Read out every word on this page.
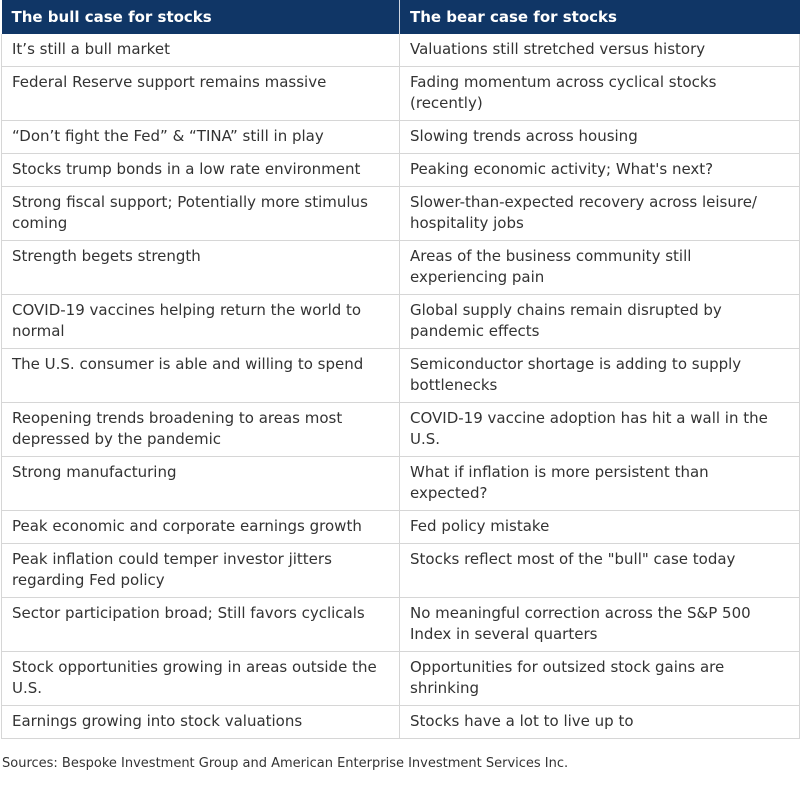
The bull case for stocks	The bear case for stocks
It’s still a bull market	Valuations still stretched versus history
Federal Reserve support remains massive	Fading momentum across cyclical stocks (recently)
“Don’t fight the Fed” & “TINA” still in play	Slowing trends across housing
Stocks trump bonds in a low rate environment	Peaking economic activity; What's next?
Strong fiscal support; Potentially more stimulus coming	Slower-than-expected recovery across leisure/ hospitality jobs
Strength begets strength	Areas of the business community still experiencing pain
COVID-19 vaccines helping return the world to normal	Global supply chains remain disrupted by pandemic effects
The U.S. consumer is able and willing to spend	Semiconductor shortage is adding to supply bottlenecks
Reopening trends broadening to areas most depressed by the pandemic	COVID-19 vaccine adoption has hit a wall in the U.S.
Strong manufacturing	What if inflation is more persistent than expected?
Peak economic and corporate earnings growth	Fed policy mistake
Peak inflation could temper investor jitters regarding Fed policy	Stocks reflect most of the "bull" case today
Sector participation broad; Still favors cyclicals	No meaningful correction across the S&P 500 Index in several quarters
Stock opportunities growing in areas outside the U.S.	Opportunities for outsized stock gains are shrinking
Earnings growing into stock valuations	Stocks have a lot to live up to
Sources: Bespoke Investment Group and American Enterprise Investment Services Inc.
